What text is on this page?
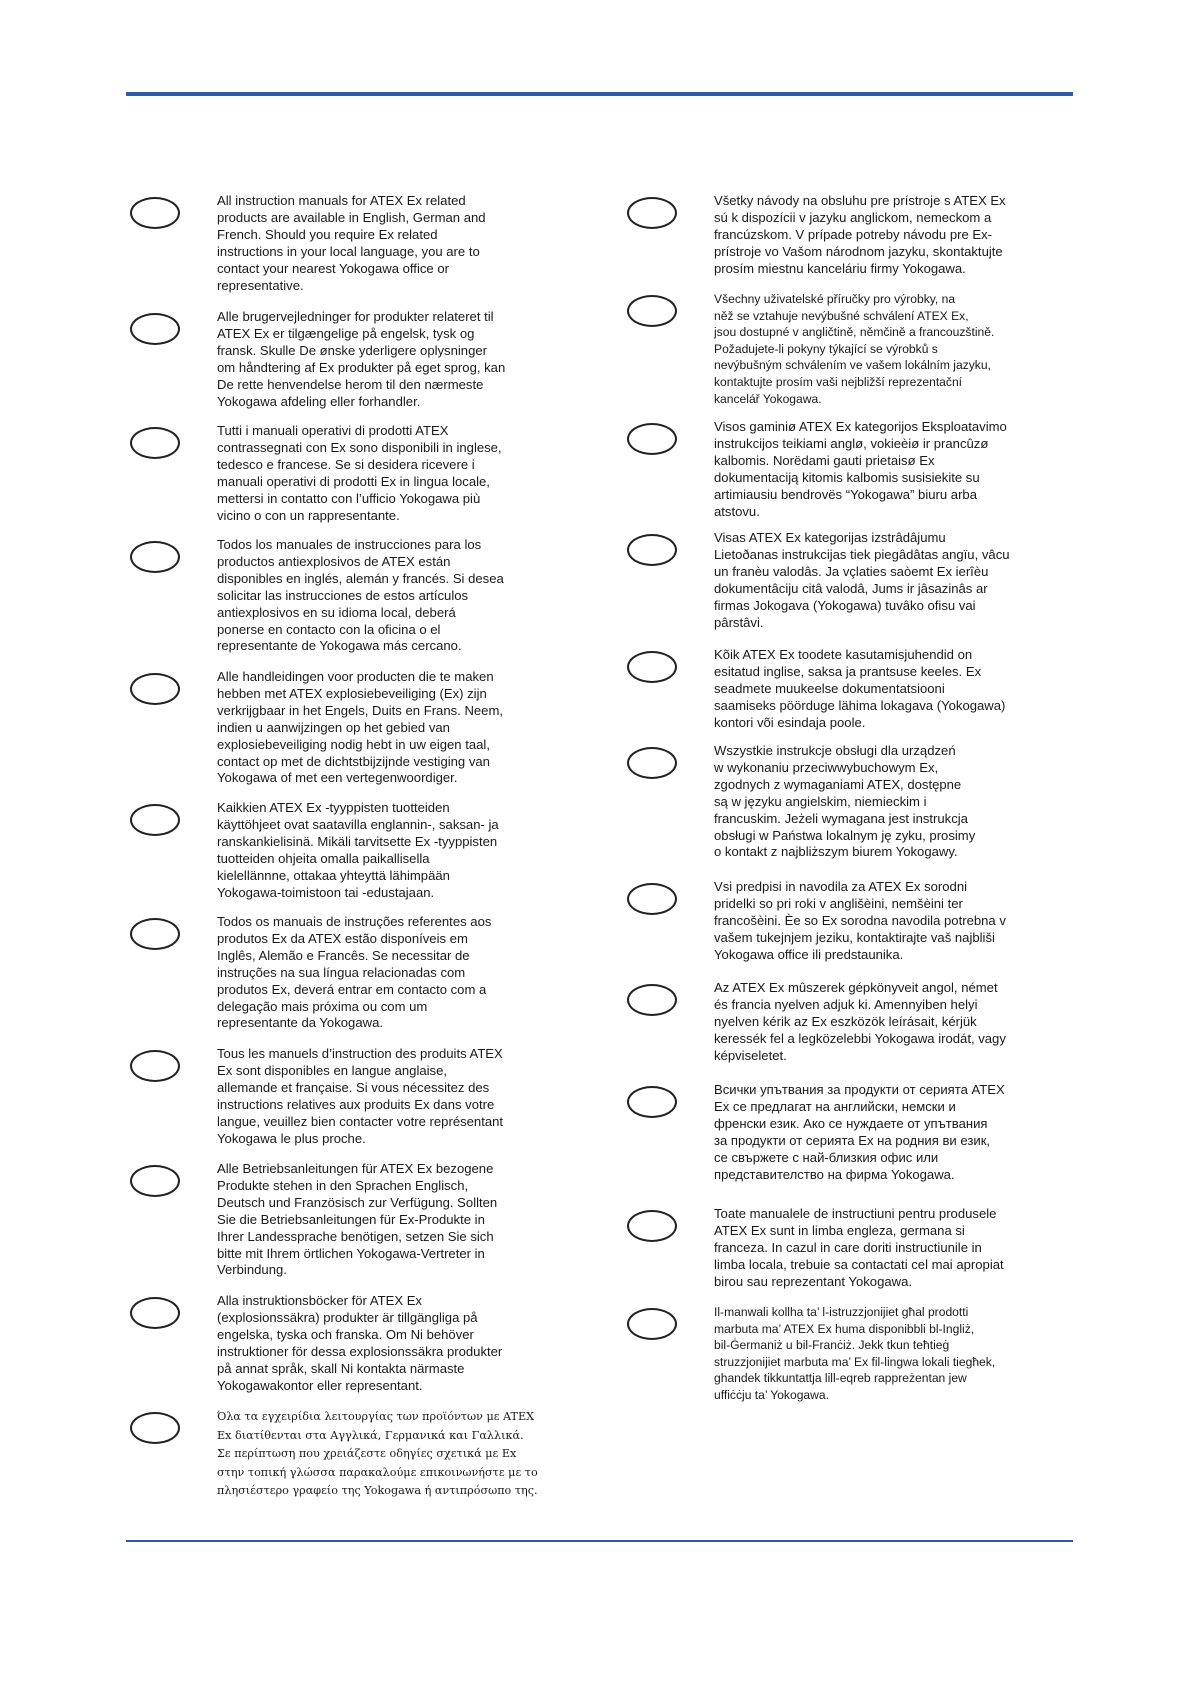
All instruction manuals for ATEX Ex related
products are available in English, German and
French. Should you require Ex related
instructions in your local language, you are to
contact your nearest Yokogawa office or
representative.

Alle brugervejledninger for produkter relateret til
ATEX Ex er tilgængelige på engelsk, tysk og
fransk. Skulle De ønske yderligere oplysninger
om håndtering af Ex produkter på eget sprog, kan
De rette henvendelse herom til den nærmeste
Yokogawa afdeling eller forhandler.

Tutti i manuali operativi di prodotti ATEX
contrassegnati con Ex sono disponibili in inglese,
tedesco e francese. Se si desidera ricevere i
manuali operativi di prodotti Ex in lingua locale,
mettersi in contatto con l’ufficio Yokogawa più
vicino o con un rappresentante.

Todos los manuales de instrucciones para los
productos antiexplosivos de ATEX están
disponibles en inglés, alemán y francés. Si desea
solicitar las instrucciones de estos artículos
antiexplosivos en su idioma local, deberá
ponerse en contacto con la oficina o el
representante de Yokogawa más cercano.

Alle handleidingen voor producten die te maken
hebben met ATEX explosiebeveiliging (Ex) zijn
verkrijgbaar in het Engels, Duits en Frans. Neem,
indien u aanwijzingen op het gebied van
explosiebeveiliging nodig hebt in uw eigen taal,
contact op met de dichtstbijzijnde vestiging van
Yokogawa of met een vertegenwoordiger.

Kaikkien ATEX Ex -tyyppisten tuotteiden
käyttöhjeet ovat saatavilla englannin-, saksan- ja
ranskankielisinä. Mikäli tarvitsette Ex -tyyppisten
tuotteiden ohjeita omalla paikallisella
kielellännne, ottakaa yhteyttä lähimpään
Yokogawa-toimistoon tai -edustajaan.

Todos os manuais de instruções referentes aos
produtos Ex da ATEX estão disponíveis em
Inglês, Alemão e Francês. Se necessitar de
instruções na sua língua relacionadas com
produtos Ex, deverá entrar em contacto com a
delegação mais próxima ou com um
representante da Yokogawa.

Tous les manuels d’instruction des produits ATEX
Ex sont disponibles en langue anglaise,
allemande et française. Si vous nécessitez des
instructions relatives aux produits Ex dans votre
langue, veuillez bien contacter votre représentant
Yokogawa le plus proche.

Alle Betriebsanleitungen für ATEX Ex bezogene
Produkte stehen in den Sprachen Englisch,
Deutsch und Französisch zur Verfügung. Sollten
Sie die Betriebsanleitungen für Ex-Produkte in
Ihrer Landessprache benötigen, setzen Sie sich
bitte mit Ihrem örtlichen Yokogawa-Vertreter in
Verbindung.

Alla instruktionsböcker för ATEX Ex
(explosionssäkra) produkter är tillgängliga på
engelska, tyska och franska. Om Ni behöver
instruktioner för dessa explosionssäkra produkter
på annat språk, skall Ni kontakta närmaste
Yokogawakontor eller representant.

Όλα τα εγχειρίδια λειτουργίας των προϊόντων με ATEX
Ex διατίθενται στα Αγγλικά, Γερμανικά και Γαλλικά.
Σε περίπτωση που χρειάζεστε οδηγίες σχετικά με Ex
στην τοπική γλώσσα παρακαλούμε επικοινωνήστε με το
πλησιέστερο γραφείο της Yokogawa ή αντιπρόσωπο της.

Všetky návody na obsluhu pre prístroje s ATEX Ex
sú k dispozícii v jazyku anglickom, nemeckom a
francúzskom. V prípade potreby návodu pre Ex-
prístroje vo Vašom národnom jazyku, skontaktujte
prosím miestnu kanceláriu firmy Yokogawa.

Všechny uživatelské příručky pro výrobky, na
něž se vztahuje nevýbušné schválení ATEX Ex,
jsou dostupné v angličtině, němčině a francouzštině.
Požadujete-li pokyny týkající se výrobků s
nevýbušným schválením ve vašem lokálním jazyku,
kontaktujte prosím vaši nejbližší reprezentační
kancelář Yokogawa.

Visos gaminiø ATEX Ex kategorijos Eksploatavimo
instrukcijos teikiami anglø, vokieèiø ir prancûzø
kalbomis. Norëdami gauti prietaisø Ex
dokumentaciją kitomis kalbomis susisiekite su
artimiausiu bendrovës “Yokogawa” biuru arba
atstovu.

Visas ATEX Ex kategorijas izstrâdâjumu
Lietoðanas instrukcijas tiek piegâdâtas angïu, vâcu
un franèu valodâs. Ja vçlaties saòemt Ex ierîèu
dokumentâciju citâ valodâ, Jums ir jâsazinâs ar
firmas Jokogava (Yokogawa) tuvâko ofisu vai
pârstâvi.

Kõik ATEX Ex toodete kasutamisjuhendid on
esitatud inglise, saksa ja prantsuse keeles. Ex
seadmete muukeelse dokumentatsiooni
saamiseks pöörduge lähima lokagava (Yokogawa)
kontori või esindaja poole.

Wszystkie instrukcje obsługi dla urządzeń
w wykonaniu przeciwwybuchowym Ex,
zgodnych z wymaganiami ATEX, dostępne
są w języku angielskim, niemieckim i
francuskim. Jeżeli wymagana jest instrukcja
obsługi w Państwa lokalnym ję zyku, prosimy
o kontakt z najbliższym biurem Yokogawy.

Vsi predpisi in navodila za ATEX Ex sorodni
pridelki so pri roki v anglišèini, nemšèini ter
francošèini. Èe so Ex sorodna navodila potrebna v
vašem tukejnjem jeziku, kontaktirajte vaš najbliši
Yokogawa office ili predstaunika.

Az ATEX Ex mûszerek gépkönyveit angol, német
és francia nyelven adjuk ki. Amennyiben helyi
nyelven kérik az Ex eszközök leírásait, kérjük
keressék fel a legközelebbi Yokogawa irodát, vagy
képviseletet.

Всички упътвания за продукти от серията ATEX
Ex се предлагат на английски, немски и
френски език. Ако се нуждаете от упътвания
за продукти от серията Ex на родния ви език,
се свържете с най-близкия офис или
представителство на фирма Yokogawa.

Toate manualele de instructiuni pentru produsele
ATEX Ex sunt in limba engleza, germana si
franceza. In cazul in care doriti instructiunile in
limba locala, trebuie sa contactati cel mai apropiat
birou sau reprezentant Yokogawa.

Il-manwali kollha ta’ l-istruzzjonijiet għal prodotti
marbuta ma’ ATEX Ex huma disponibbli bl-Ingliż,
bil-Ġermaniż u bil-Franċiż. Jekk tkun teħtieġ
struzzjonijiet marbuta ma’ Ex fil-lingwa lokali tiegħek,
ghandek tikkuntattja lill-eqreb rappreżentan jew
uffiċċju ta’ Yokogawa.
